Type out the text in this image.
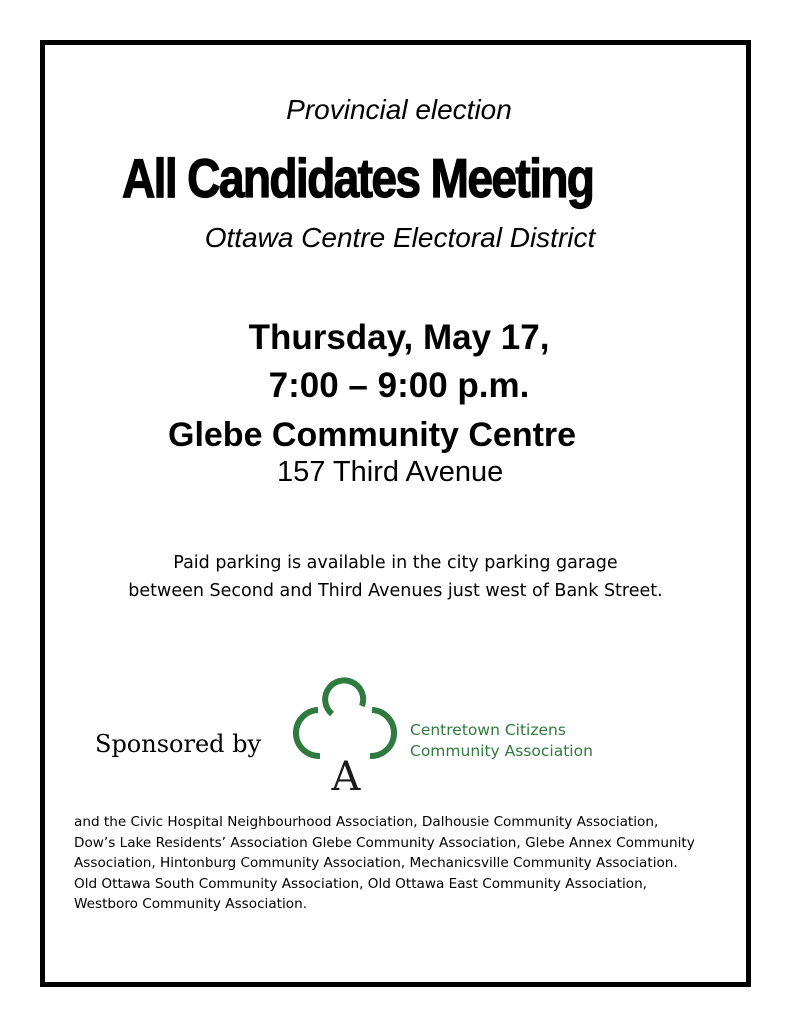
Provincial election
All Candidates Meeting
Ottawa Centre Electoral District
Thursday, May 17,
7:00 – 9:00 p.m.
Glebe Community Centre
157 Third Avenue
Paid parking is available in the city parking garage
between Second and Third Avenues just west of Bank Street.
Sponsored by
A
Centretown Citizens
Community Association
and the Civic Hospital Neighbourhood Association, Dalhousie Community Association,
Dow’s Lake Residents’ Association Glebe Community Association, Glebe Annex Community
Association, Hintonburg Community Association, Mechanicsville Community Association.
Old Ottawa South Community Association, Old Ottawa East Community Association,
Westboro Community Association.
